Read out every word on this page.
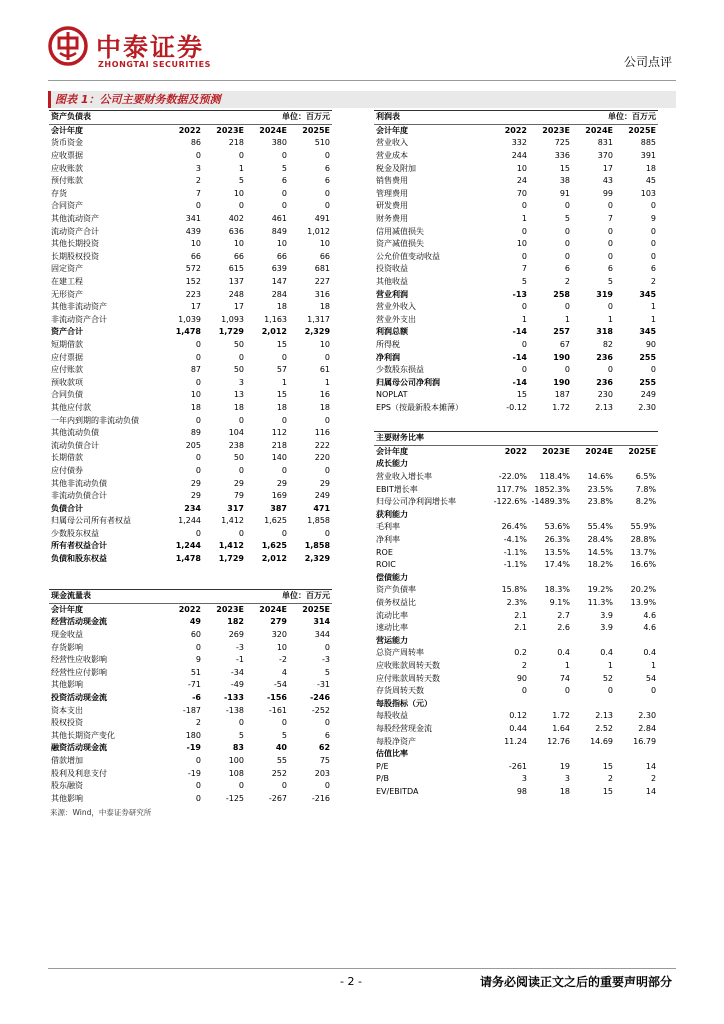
中泰证券
ZHONGTAI SECURITIES	公司点评
图表 1：公司主要财务数据及预测
资产负债表		单位：百万元		
会计年度	2022	2023E	2024E	2025E
货币资金	86	218	380	510
应收票据	0	0	0	0
应收账款	3	1	5	6
预付账款	2	5	6	6
存货	7	10	0	0
合同资产	0	0	0	0
其他流动资产	341	402	461	491
流动资产合计	439	636	849	1,012
其他长期投资	10	10	10	10
长期股权投资	66	66	66	66
固定资产	572	615	639	681
在建工程	152	137	147	227
无形资产	223	248	284	316
其他非流动资产	17	17	18	18
非流动资产合计	1,039	1,093	1,163	1,317
资产合计	1,478	1,729	2,012	2,329
短期借款	0	50	15	10
应付票据	0	0	0	0
应付账款	87	50	57	61
预收款项	0	3	1	1
合同负债	10	13	15	16
其他应付款	18	18	18	18
一年内到期的非流动负债	0	0	0	0
其他流动负债	89	104	112	116
流动负债合计	205	238	218	222
长期借款	0	50	140	220
应付债券	0	0	0	0
其他非流动负债	29	29	29	29
非流动负债合计	29	79	169	249
负债合计	234	317	387	471
归属母公司所有者权益	1,244	1,412	1,625	1,858
少数股东权益	0	0	0	0
所有者权益合计	1,244	1,412	1,625	1,858
负债和股东权益	1,478	1,729	2,012	2,329
现金流量表		单位：百万元		
会计年度	2022	2023E	2024E	2025E
经营活动现金流	49	182	279	314
现金收益	60	269	320	344
存货影响	0	-3	10	0
经营性应收影响	9	-1	-2	-3
经营性应付影响	51	-34	4	5
其他影响	-71	-49	-54	-31
投资活动现金流	-6	-133	-156	-246
资本支出	-187	-138	-161	-252
股权投资	2	0	0	0
其他长期资产变化	180	5	5	6
融资活动现金流	-19	83	40	62
借款增加	0	100	55	75
股利及利息支付	-19	108	252	203
股东融资	0	0	0	0
其他影响	0	-125	-267	-216
利润表		单位：百万元		
会计年度	2022	2023E	2024E	2025E
营业收入	332	725	831	885
营业成本	244	336	370	391
税金及附加	10	15	17	18
销售费用	24	38	43	45
管理费用	70	91	99	103
研发费用	0	0	0	0
财务费用	1	5	7	9
信用减值损失	0	0	0	0
资产减值损失	10	0	0	0
公允价值变动收益	0	0	0	0
投资收益	7	6	6	6
其他收益	5	2	5	2
营业利润	-13	258	319	345
营业外收入	0	0	0	1
营业外支出	1	1	1	1
利润总额	-14	257	318	345
所得税	0	67	82	90
净利润	-14	190	236	255
少数股东损益	0	0	0	0
归属母公司净利润	-14	190	236	255
NOPLAT	15	187	230	249
EPS（按最新股本摊薄）	-0.12	1.72	2.13	2.30
主要财务比率				
会计年度	2022	2023E	2024E	2025E
成长能力				
营业收入增长率	-22.0%	118.4%	14.6%	6.5%
EBIT增长率	117.7%	1852.3%	23.5%	7.8%
归母公司净利润增长率	-122.6%	-1489.3%	23.8%	8.2%
获利能力				
毛利率	26.4%	53.6%	55.4%	55.9%
净利率	-4.1%	26.3%	28.4%	28.8%
ROE	-1.1%	13.5%	14.5%	13.7%
ROIC	-1.1%	17.4%	18.2%	16.6%
偿债能力				
资产负债率	15.8%	18.3%	19.2%	20.2%
债务权益比	2.3%	9.1%	11.3%	13.9%
流动比率	2.1	2.7	3.9	4.6
速动比率	2.1	2.6	3.9	4.6
营运能力				
总资产周转率	0.2	0.4	0.4	0.4
应收账款周转天数	2	1	1	1
应付账款周转天数	90	74	52	54
存货周转天数	0	0	0	0
每股指标（元）				
每股收益	0.12	1.72	2.13	2.30
每股经营现金流	0.44	1.64	2.52	2.84
每股净资产	11.24	12.76	14.69	16.79
估值比率				
P/E	-261	19	15	14
P/B	3	3	2	2
EV/EBITDA	98	18	15	14
来源：Wind，中泰证券研究所
- 2 -	请务必阅读正文之后的重要声明部分
